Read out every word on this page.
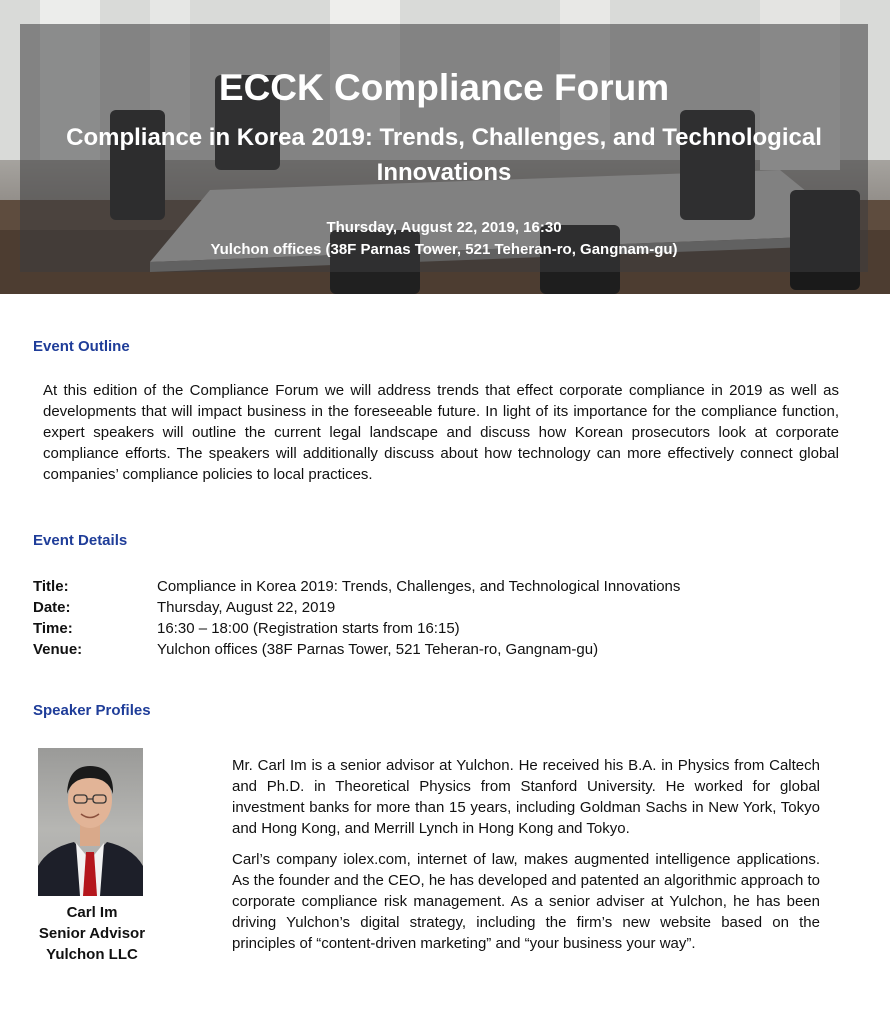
ECCK Compliance Forum
Compliance in Korea 2019: Trends, Challenges, and Technological Innovations
Thursday, August 22, 2019, 16:30
Yulchon offices (38F Parnas Tower, 521 Teheran-ro, Gangnam-gu)
Event Outline

At this edition of the Compliance Forum we will address trends that effect corporate compliance in 2019 as well as developments that will impact business in the foreseeable future. In light of its importance for the compliance function, expert speakers will outline the current legal landscape and discuss how Korean prosecutors look at corporate compliance efforts. The speakers will additionally discuss about how technology can more effectively connect global companies’ compliance policies to local practices.

Event Details
Title:	Compliance in Korea 2019: Trends, Challenges, and Technological Innovations
Date:	Thursday, August 22, 2019
Time:	16:30 – 18:00 (Registration starts from 16:15)
Venue:	Yulchon offices (38F Parnas Tower, 521 Teheran-ro, Gangnam-gu)
Speaker Profiles
Carl Im
Senior Advisor
Yulchon LLC

Mr. Carl Im is a senior advisor at Yulchon. He received his B.A. in Physics from Caltech and Ph.D. in Theoretical Physics from Stanford University. He worked for global investment banks for more than 15 years, including Goldman Sachs in New York, Tokyo and Hong Kong, and Merrill Lynch in Hong Kong and Tokyo.

Carl’s company iolex.com, internet of law, makes augmented intelligence applications. As the founder and the CEO, he has developed and patented an algorithmic approach to corporate compliance risk management. As a senior adviser at Yulchon, he has been driving Yulchon’s digital strategy, including the firm’s new website based on the principles of “content-driven marketing” and “your business your way”.
